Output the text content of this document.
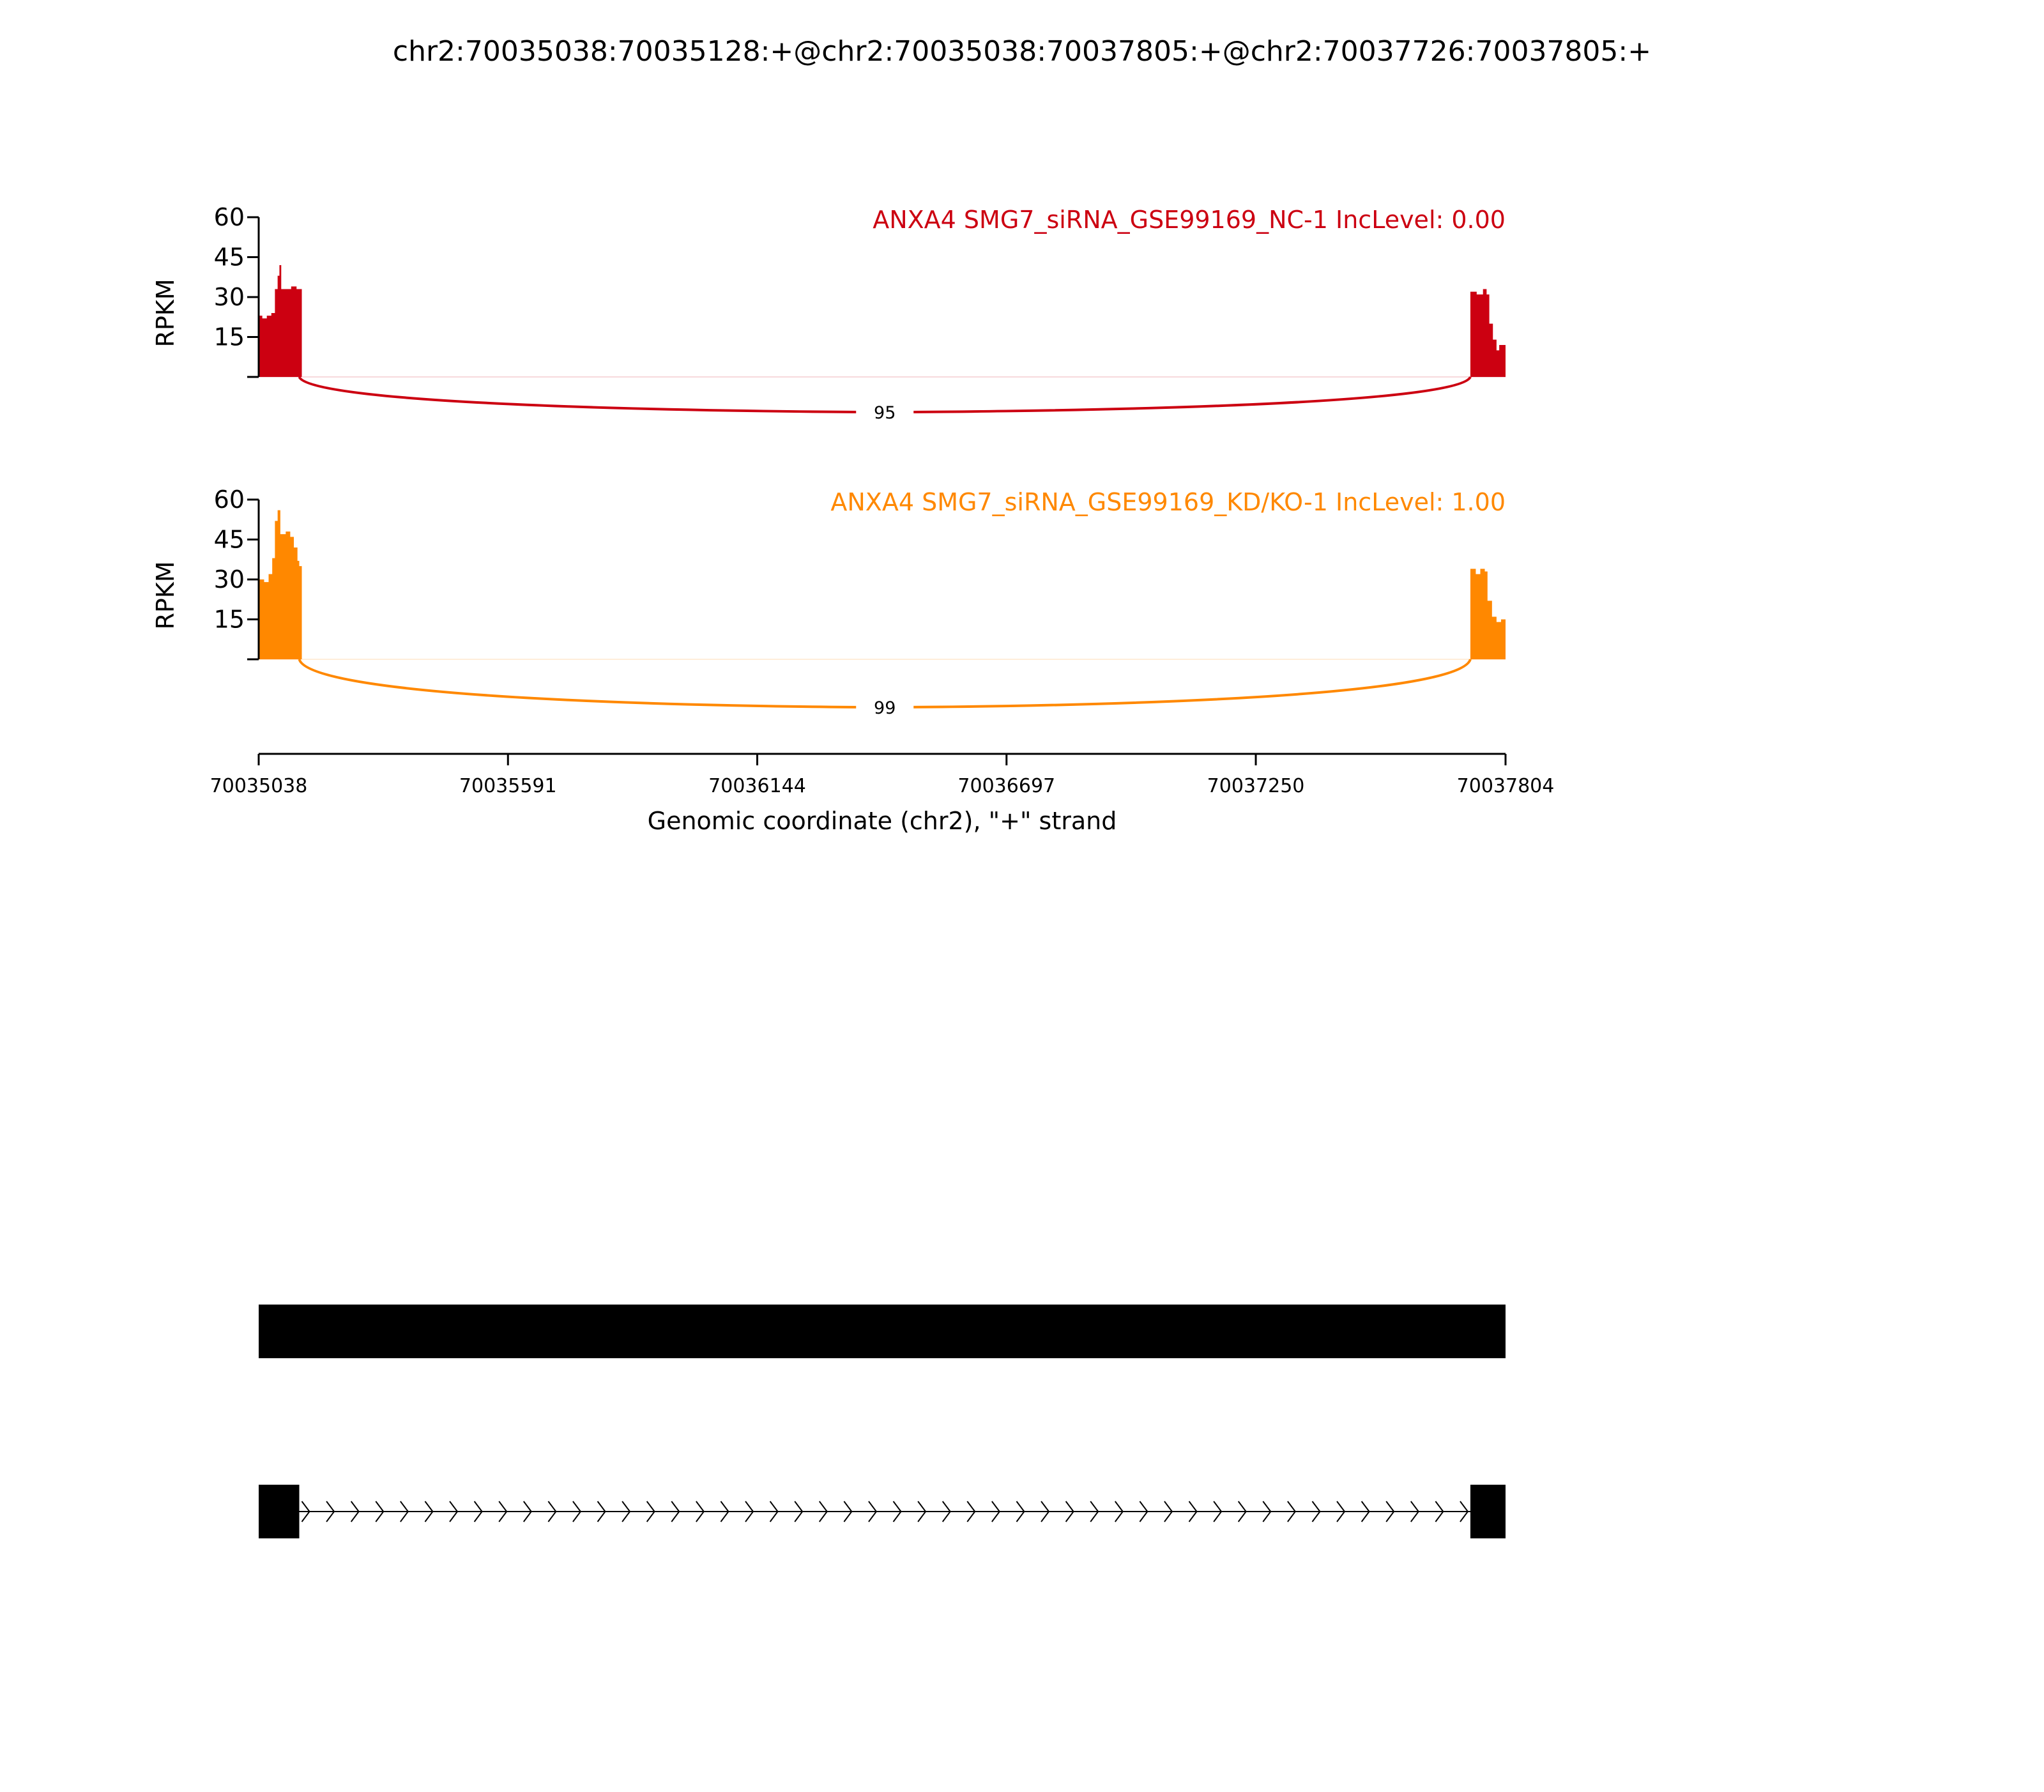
chr2:70035038:70035128:+@chr2:70035038:70037805:+@chr2:70037726:70037805:+
15
30
45
60
RPKM
ANXA4 SMG7_siRNA_GSE99169_NC-1 IncLevel: 0.00
95
15
30
45
60
RPKM
ANXA4 SMG7_siRNA_GSE99169_KD/KO-1 IncLevel: 1.00
99
70035038	70035591	70036144	70036697	70037250	70037804
Genomic coordinate (chr2), "+" strand
